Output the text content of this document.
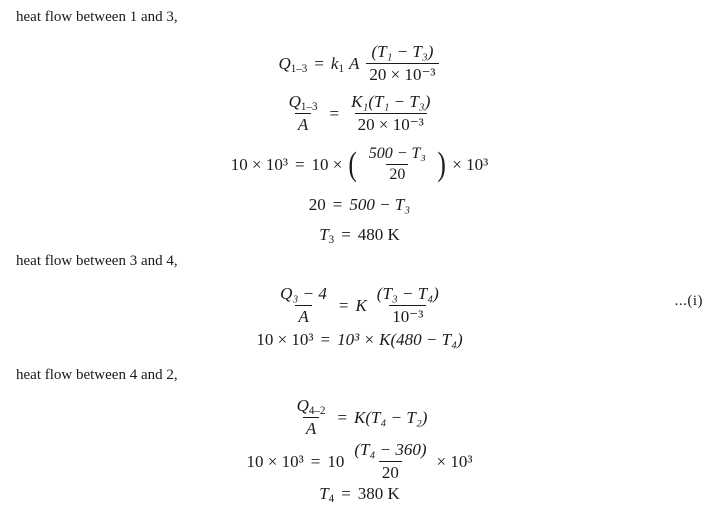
heat flow between 1 and 3,
$Q_{1-3} = k_1$ A $\frac{\text{(T₁ − T₃)}}{\text{20 × 10⁻³}}$
$\frac{Q_{1-3}}{A} = \frac{\text{K₁(T₁ − T₃)}}{\text{20 × 10⁻³}}$
10 × 10³ = 10 × ( $\frac{\text{500 − T₃}}{20}$ ) × 10³
20 = 500 − T₃
$T_3 = 480$ K
heat flow between 3 and 4,
$\frac{\text{Q₃ − 4}}{A} = K \frac{\text{(T₃ − T₄)}}{\text{10⁻³}}$	...(i)
10 × 10³ = 10³ × K(480 − T₄)
heat flow between 4 and 2,
$\frac{Q_{4-2}}{A} = K(T_4 - T_2)$
$10 \times 10^3 = 10 \frac{\text{(T₄ − 360)}}{20} \times 10^3$
$T_4 = 380$ K
